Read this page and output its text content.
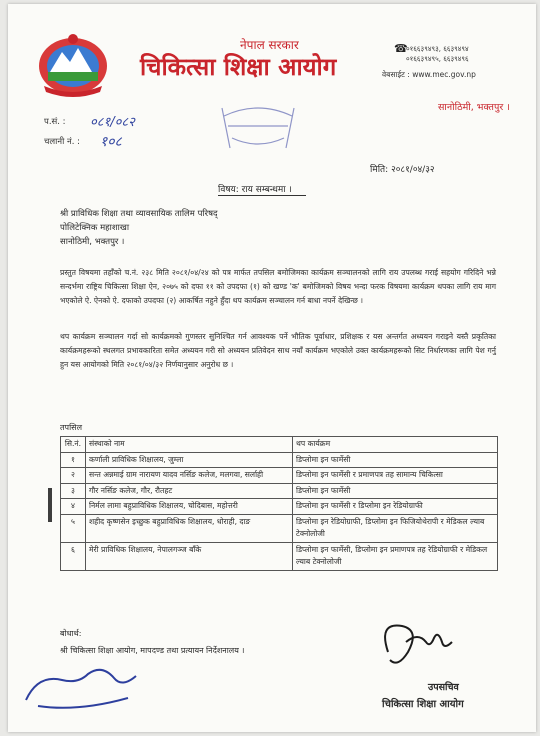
नेपाल सरकार
चिकित्सा शिक्षा आयोग
☎
०१६६३९४९३, ६६३९४९४
०१६६३९४९५, ६६३९४९६
वेबसाईट : www.mec.gov.np
सानोठिमी, भक्तपुर ।
प.सं. : ०८१/०८२
चलानी नं. : १०८
मिति: २०८१/०४/३२
विषय: राय सम्बन्धमा ।
श्री प्राविधिक शिक्षा तथा व्यावसायिक तालिम परिषद्
पोलिटेक्निक महाशाखा
सानोठिमी, भक्तपुर ।
प्रस्तुत विषयमा तहाँको च.नं. २३८ मिति २०८१/०४/२४ को पत्र मार्फत तपसिल बमोजिमका कार्यक्रम सञ्चालनको लागि राय उपलब्ध गराई सहयोग गरिदिने भन्ने सन्दर्भमा राष्ट्रिय चिकित्सा शिक्षा ऐन, २०७५ को दफा ११ को उपदफा (१) को खण्ड 'क' बमोजिमको विषय भन्दा फरक विषयमा कार्यक्रम थपका लागि राय माग भएकोले ऐ. ऐनको ऐ. दफाको उपदफा (२) आकर्षित नहुने हुँदा थप कार्यक्रम सञ्चालन गर्न बाधा नपर्ने देखिन्छ ।
थप कार्यक्रम सञ्चालन गर्दा सो कार्यक्रमको गुणस्तर सुनिश्चित गर्न आवश्यक पर्ने भौतिक पूर्वाधार, प्रशिक्षक र यस अन्तर्गत अध्ययन गराइने यस्तै प्रकृतिका कार्यक्रमहरूको स्थलगत प्रभावकारिता समेत अध्ययन गरी सो अध्ययन प्रतिवेदन साथ नयाँ कार्यक्रम भएकोले उक्त कार्यक्रमहरूको सिट निर्धारणका लागि पेश गर्नु हुन यस आयोगको मिति २०८१/०४/३२ निर्णयानुसार अनुरोध छ ।
तपसिल
सि.नं.	संस्थाको नाम	थप कार्यक्रम
१	कर्णाली प्राविधिक शिक्षालय, जुम्ला	डिप्लोमा इन फार्मेसी
२	सन्त अन्नमाई ग्राम नारायण यादव नर्सिङ कलेज, मलगवा, सर्लाही	डिप्लोमा इन फार्मेसी र प्रमाणपत्र तह सामान्य चिकित्सा
३	गौर नर्सिङ कलेज, गौर, रौतहट	डिप्लोमा इन फार्मेसी
४	निर्मल लामा बहुप्राविधिक शिक्षालय, चोदिबास, महोत्तरी	डिप्लोमा इन फार्मेसी र डिप्लोमा इन रेडियोग्राफी
५	शहीद कृष्णसेन इच्छुक बहुप्राविधिक शिक्षालय, धोराही, दाङ	डिप्लोमा इन रेडियोग्राफी, डिप्लोमा इन फिजियोथेरापी र मेडिकल ल्याब टेक्नोलोजी
६	मेरी प्राविधिक शिक्षालय, नेपालगञ्ज बाँके	डिप्लोमा इन फार्मेसी, डिप्लोमा इन प्रमाणपत्र तह रेडियोग्राफी र मेडिकल ल्याब टेक्नोलोजी
बोधार्थ:
श्री चिकित्सा शिक्षा आयोग, मापदण्ड तथा प्रत्यायन निर्देशनालय ।
उपसचिव
चिकित्सा शिक्षा आयोग
